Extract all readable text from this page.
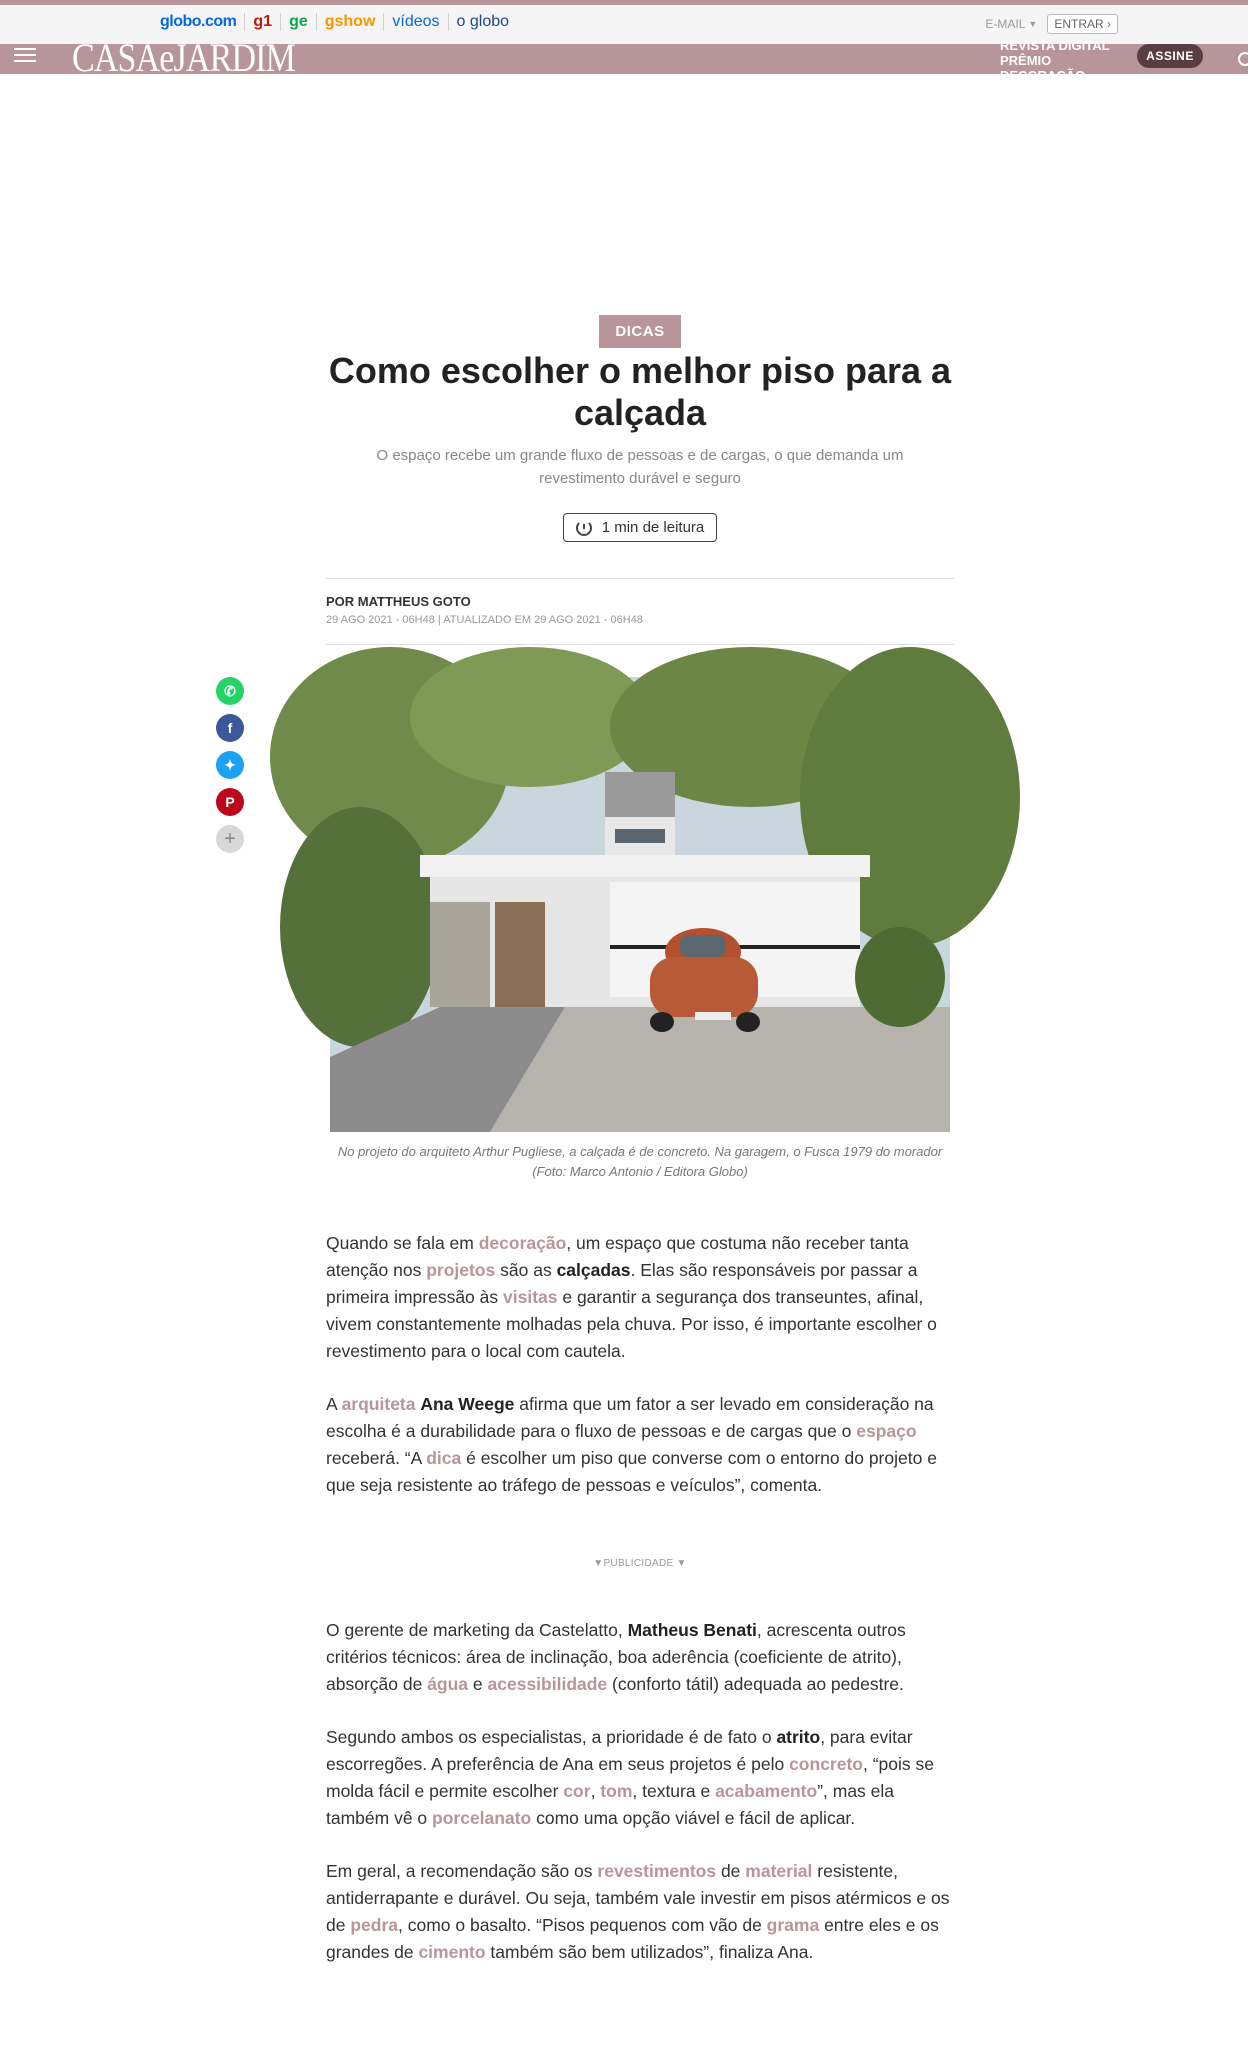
globo.com	g1	ge	gshow	vídeos	o globo	E-MAIL ▼	ENTRAR ›
CASAeJARDIM	REVISTA DIGITAL
PRÊMIO
DECORAÇÃO
ASSINE
DICAS
Como escolher o melhor piso para a calçada

O espaço recebe um grande fluxo de pessoas e de cargas, o que demanda um revestimento durável e seguro

1 min de leitura
POR MATTHEUS GOTO
29 AGO 2021 - 06H48 | ATUALIZADO EM 29 AGO 2021 - 06H48
✆
f
✦
P
+

No projeto do arquiteto Arthur Pugliese, a calçada é de concreto. Na garagem, o Fusca 1979 do morador (Foto: Marco Antonio / Editora Globo)

Quando se fala em decoração, um espaço que costuma não receber tanta atenção nos projetos são as calçadas. Elas são responsáveis por passar a primeira impressão às visitas e garantir a segurança dos transeuntes, afinal, vivem constantemente molhadas pela chuva. Por isso, é importante escolher o revestimento para o local com cautela.

A arquiteta Ana Weege afirma que um fator a ser levado em consideração na escolha é a durabilidade para o fluxo de pessoas e de cargas que o espaço receberá. “A dica é escolher um piso que converse com o entorno do projeto e que seja resistente ao tráfego de pessoas e veículos”, comenta.

▼PUBLICIDADE ▼

O gerente de marketing da Castelatto, Matheus Benati, acrescenta outros critérios técnicos: área de inclinação, boa aderência (coeficiente de atrito), absorção de água e acessibilidade (conforto tátil) adequada ao pedestre.

Segundo ambos os especialistas, a prioridade é de fato o atrito, para evitar escorregões. A preferência de Ana em seus projetos é pelo concreto, “pois se molda fácil e permite escolher cor, tom, textura e acabamento”, mas ela também vê o porcelanato como uma opção viável e fácil de aplicar.

Em geral, a recomendação são os revestimentos de material resistente, antiderrapante e durável. Ou seja, também vale investir em pisos atérmicos e os de pedra, como o basalto. “Pisos pequenos com vão de grama entre eles e os grandes de cimento também são bem utilizados”, finaliza Ana.
